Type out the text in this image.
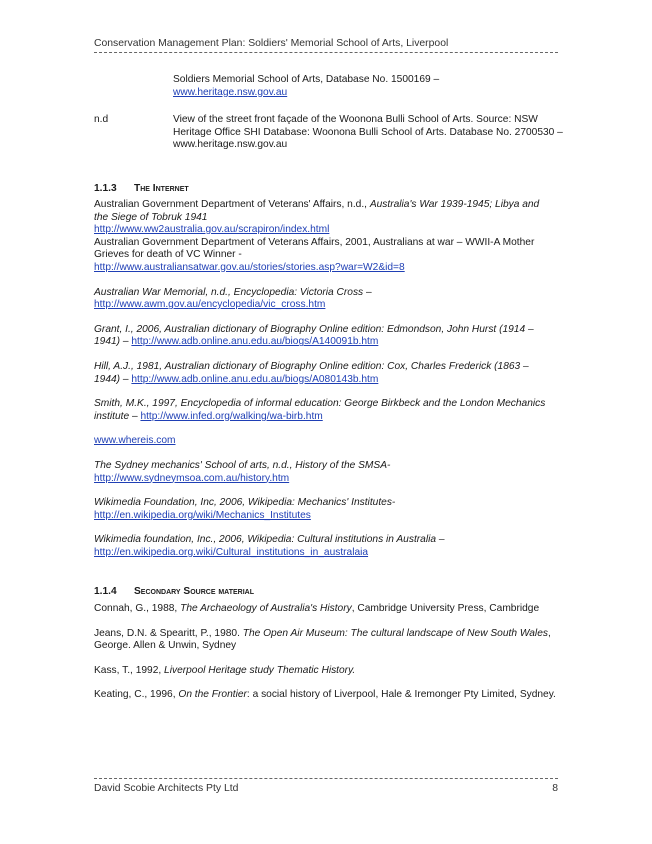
Conservation Management Plan: Soldiers' Memorial School of Arts, Liverpool
Soldiers Memorial School of Arts, Database No. 1500169 –
www.heritage.nsw.gov.au
n.d	View of the street front façade of the Woonona Bulli School of Arts. Source: NSW Heritage Office SHI Database: Woonona Bulli School of Arts. Database No. 2700530 – www.heritage.nsw.gov.au
1.1.3 The Internet
Australian Government Department of Veterans' Affairs, n.d., Australia's War 1939-1945; Libya and the Siege of Tobruk 1941
http://www.ww2australia.gov.au/scrapiron/index.html
Australian Government Department of Veterans Affairs, 2001, Australians at war – WWII-A Mother Grieves for death of VC Winner -
http://www.australiansatwar.gov.au/stories/stories.asp?war=W2&id=8
Australian War Memorial, n.d., Encyclopedia: Victoria Cross –
http://www.awm.gov.au/encyclopedia/vic_cross.htm
Grant, I., 2006, Australian dictionary of Biography Online edition: Edmondson, John Hurst (1914 – 1941) – http://www.adb.online.anu.edu.au/biogs/A140091b.htm
Hill, A.J., 1981, Australian dictionary of Biography Online edition: Cox, Charles Frederick (1863 – 1944) – http://www.adb.online.anu.edu.au/biogs/A080143b.htm
Smith, M.K., 1997, Encyclopedia of informal education: George Birkbeck and the London Mechanics institute – http://www.infed.org/walking/wa-birb.htm
www.whereis.com
The Sydney mechanics' School of arts, n.d., History of the SMSA-
http://www.sydneymsoa.com.au/history.htm
Wikimedia Foundation, Inc, 2006, Wikipedia: Mechanics' Institutes-
http://en.wikipedia.org/wiki/Mechanics_Institutes
Wikimedia foundation, Inc., 2006, Wikipedia: Cultural institutions in Australia –
http://en.wikipedia.org.wiki/Cultural_institutions_in_australaia
1.1.4 Secondary Source material
Connah, G., 1988, The Archaeology of Australia's History, Cambridge University Press, Cambridge
Jeans, D.N. & Spearitt, P., 1980. The Open Air Museum: The cultural landscape of New South Wales, George. Allen & Unwin, Sydney
Kass, T., 1992, Liverpool Heritage study Thematic History.
Keating, C., 1996, On the Frontier: a social history of Liverpool, Hale & Iremonger Pty Limited, Sydney.
David Scobie Architects Pty Ltd	8
